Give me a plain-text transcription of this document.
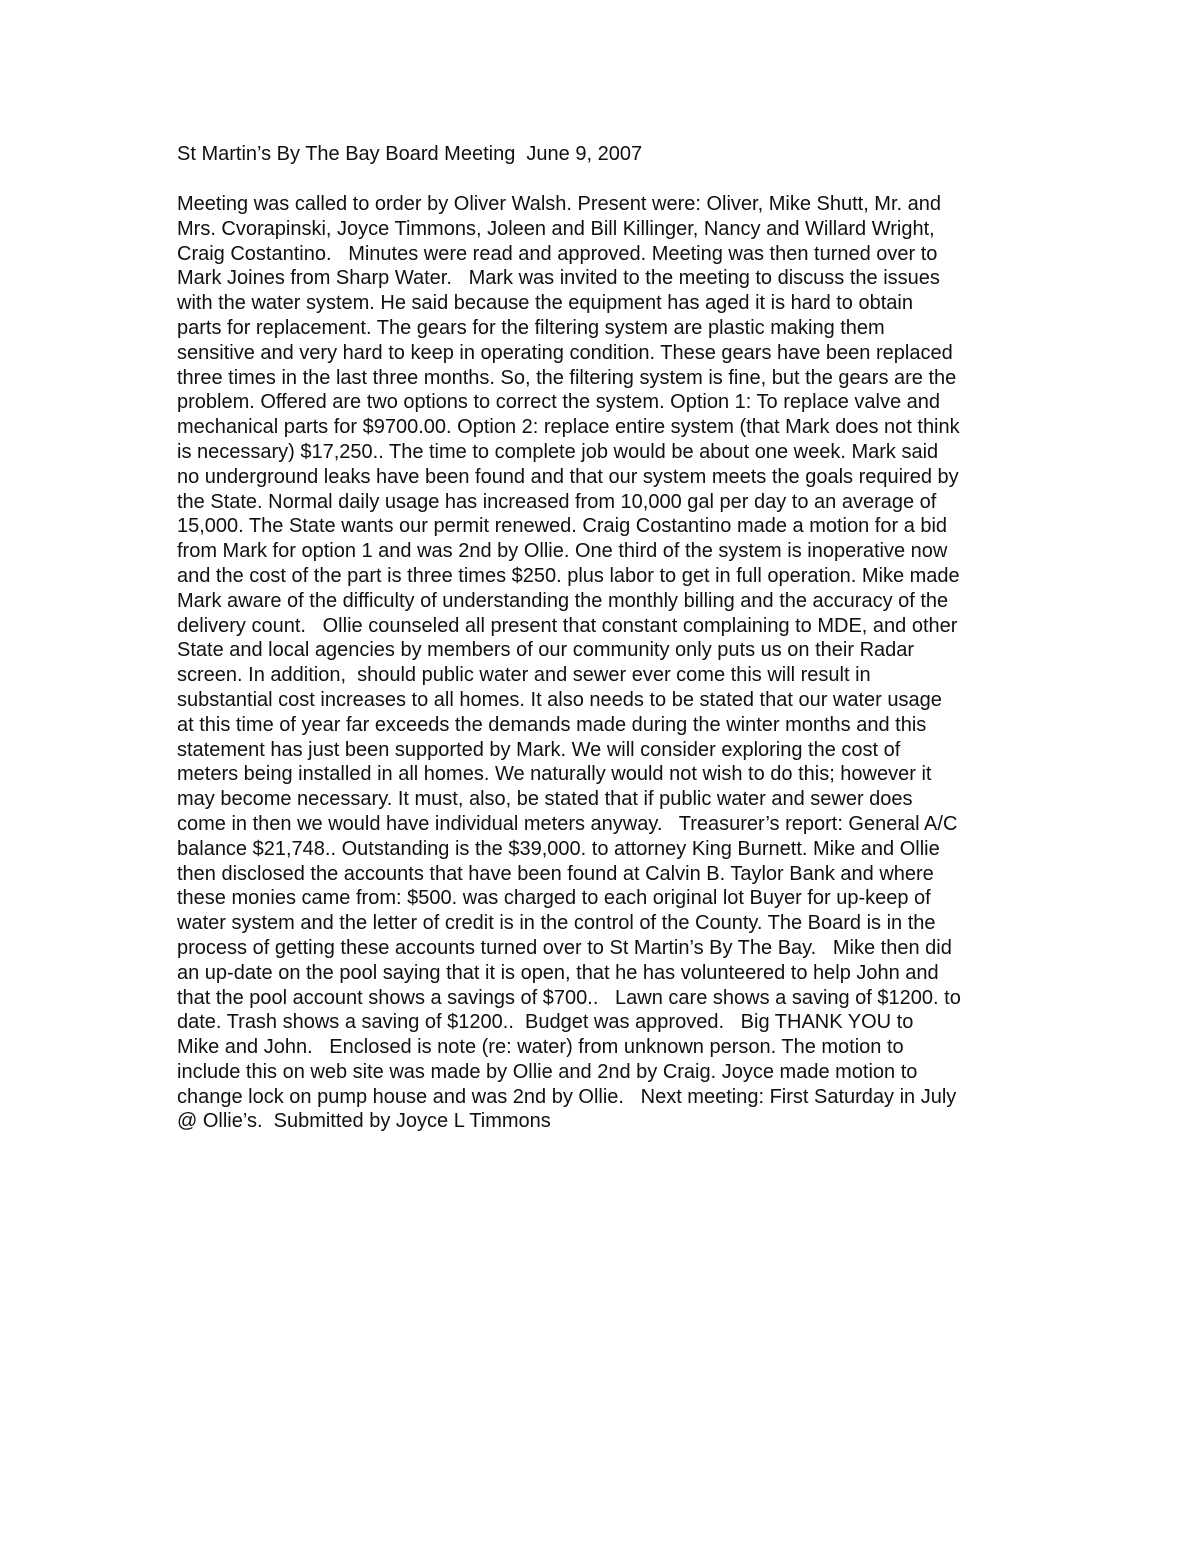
St Martin’s By The Bay Board Meeting  June 9, 2007

Meeting was called to order by Oliver Walsh. Present were: Oliver, Mike Shutt, Mr. and
Mrs. Cvorapinski, Joyce Timmons, Joleen and Bill Killinger, Nancy and Willard Wright,
Craig Costantino.   Minutes were read and approved. Meeting was then turned over to
Mark Joines from Sharp Water.   Mark was invited to the meeting to discuss the issues
with the water system. He said because the equipment has aged it is hard to obtain
parts for replacement. The gears for the filtering system are plastic making them
sensitive and very hard to keep in operating condition. These gears have been replaced
three times in the last three months. So, the filtering system is fine, but the gears are the
problem. Offered are two options to correct the system. Option 1: To replace valve and
mechanical parts for $9700.00. Option 2: replace entire system (that Mark does not think
is necessary) $17,250.. The time to complete job would be about one week. Mark said
no underground leaks have been found and that our system meets the goals required by
the State. Normal daily usage has increased from 10,000 gal per day to an average of
15,000. The State wants our permit renewed. Craig Costantino made a motion for a bid
from Mark for option 1 and was 2nd by Ollie. One third of the system is inoperative now
and the cost of the part is three times $250. plus labor to get in full operation. Mike made
Mark aware of the difficulty of understanding the monthly billing and the accuracy of the
delivery count.   Ollie counseled all present that constant complaining to MDE, and other
State and local agencies by members of our community only puts us on their Radar
screen. In addition,  should public water and sewer ever come this will result in
substantial cost increases to all homes. It also needs to be stated that our water usage
at this time of year far exceeds the demands made during the winter months and this
statement has just been supported by Mark. We will consider exploring the cost of
meters being installed in all homes. We naturally would not wish to do this; however it
may become necessary. It must, also, be stated that if public water and sewer does
come in then we would have individual meters anyway.   Treasurer’s report: General A/C
balance $21,748.. Outstanding is the $39,000. to attorney King Burnett. Mike and Ollie
then disclosed the accounts that have been found at Calvin B. Taylor Bank and where
these monies came from: $500. was charged to each original lot Buyer for up-keep of
water system and the letter of credit is in the control of the County. The Board is in the
process of getting these accounts turned over to St Martin’s By The Bay.   Mike then did
an up-date on the pool saying that it is open, that he has volunteered to help John and
that the pool account shows a savings of $700..   Lawn care shows a saving of $1200. to
date. Trash shows a saving of $1200..  Budget was approved.   Big THANK YOU to
Mike and John.   Enclosed is note (re: water) from unknown person. The motion to
include this on web site was made by Ollie and 2nd by Craig. Joyce made motion to
change lock on pump house and was 2nd by Ollie.   Next meeting: First Saturday in July
@ Ollie’s.  Submitted by Joyce L Timmons
